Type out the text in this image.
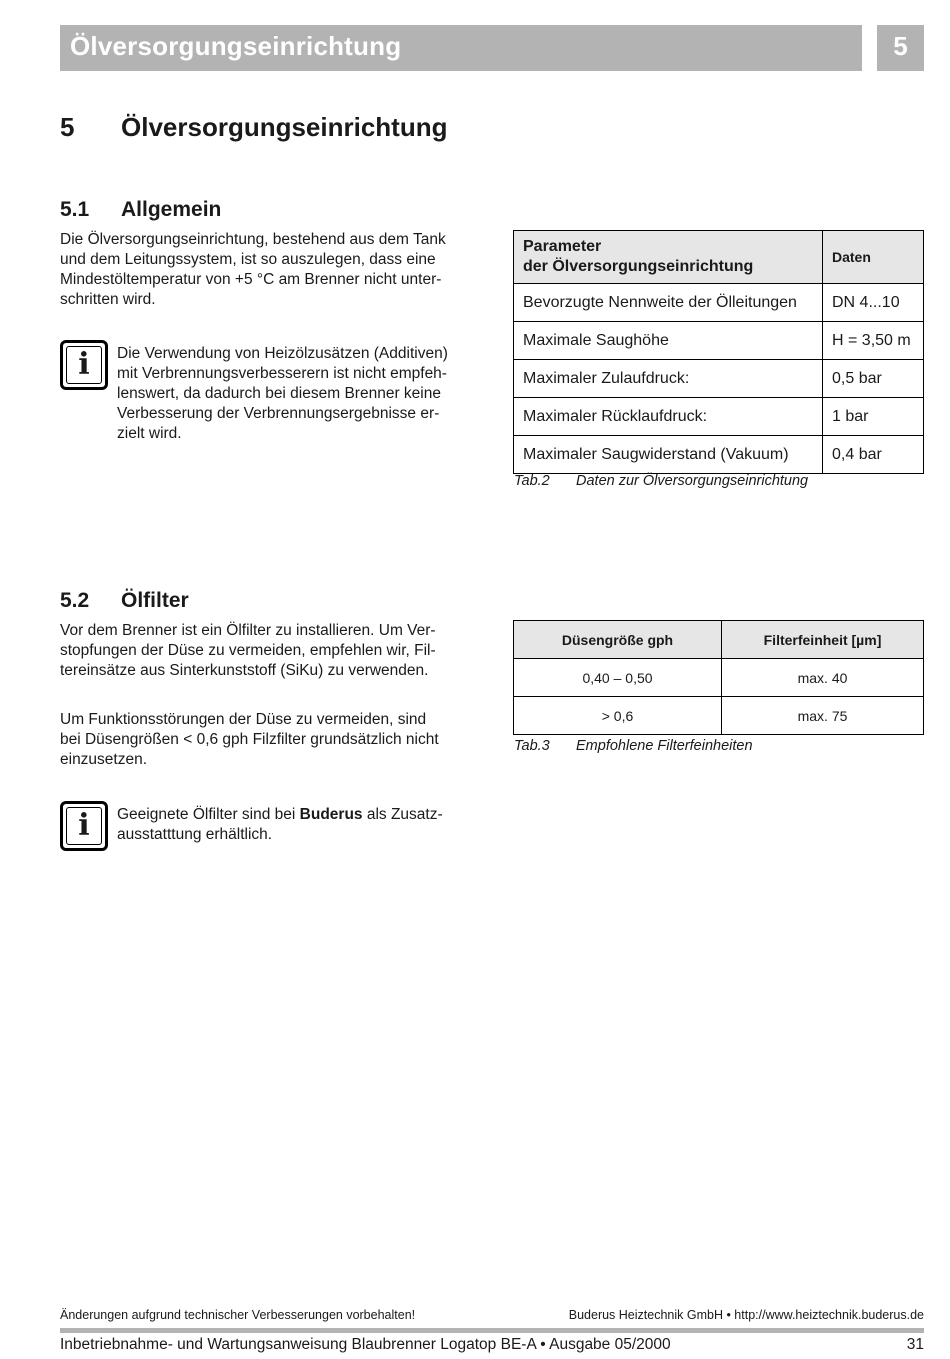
Ölversorgungseinrichtung	5
5 Ölversorgungseinrichtung
5.1 Allgemein
Die Ölversorgungseinrichtung, bestehend aus dem Tank
und dem Leitungssystem, ist so auszulegen, dass eine
Mindestöltemperatur von +5 °C am Brenner nicht unter-
schritten wird.
i	Die Verwendung von Heizölzusätzen (Additiven)
mit Verbrennungsverbesserern ist nicht empfeh-
lenswert, da dadurch bei diesem Brenner keine
Verbesserung der Verbrennungsergebnisse er-
zielt wird.
Parameter
der Ölversorgungseinrichtung	Daten
Bevorzugte Nennweite der Ölleitungen	DN 4...10
Maximale Saughöhe	H = 3,50 m
Maximaler Zulaufdruck:	0,5 bar
Maximaler Rücklaufdruck:	1 bar
Maximaler Saugwiderstand (Vakuum)	0,4 bar
Tab.2 Daten zur Ölversorgungseinrichtung
5.2 Ölfilter
Vor dem Brenner ist ein Ölfilter zu installieren. Um Ver-
stopfungen der Düse zu vermeiden, empfehlen wir, Fil-
tereinsätze aus Sinterkunststoff (SiKu) zu verwenden.
Um Funktionsstörungen der Düse zu vermeiden, sind
bei Düsengrößen < 0,6 gph Filzfilter grundsätzlich nicht
einzusetzen.
i	Geeignete Ölfilter sind bei Buderus als Zusatz-
ausstatttung erhältlich.
Düsengröße gph	Filterfeinheit [µm]
0,40 – 0,50	max. 40
> 0,6	max. 75
Tab.3 Empfohlene Filterfeinheiten
Änderungen aufgrund technischer Verbesserungen vorbehalten!	Buderus Heiztechnik GmbH • http://www.heiztechnik.buderus.de
Inbetriebnahme- und Wartungsanweisung Blaubrenner Logatop BE-A • Ausgabe 05/2000	31
